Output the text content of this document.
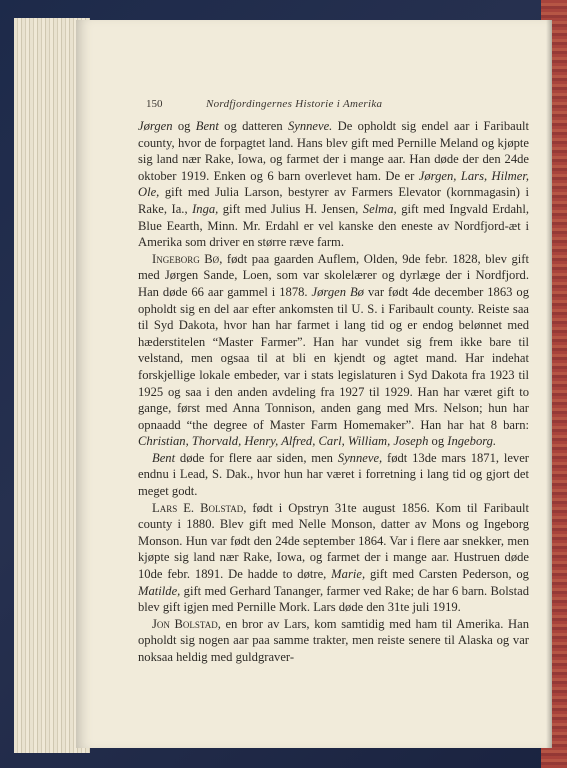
150	Nordfjordingernes Historie i Amerika

Jørgen og Bent og datteren Synneve. De opholdt sig endel aar i Faribault county, hvor de forpagtet land. Hans blev gift med Pernille Meland og kjøpte sig land nær Rake, Iowa, og farmet der i mange aar. Han døde der den 24de oktober 1919. Enken og 6 barn overlevet ham. De er Jørgen, Lars, Hilmer, Ole, gift med Julia Larson, bestyrer av Farmers Elevator (kornmagasin) i Rake, Ia., Inga, gift med Julius H. Jensen, Selma, gift med Ingvald Erdahl, Blue Eearth, Minn. Mr. Erdahl er vel kanske den eneste av Nordfjord-æt i Amerika som driver en større ræve farm.

Ingeborg Bø, født paa gaarden Auflem, Olden, 9de febr. 1828, blev gift med Jørgen Sande, Loen, som var skolelærer og dyrlæge der i Nordfjord. Han døde 66 aar gammel i 1878. Jørgen Bø var født 4de december 1863 og opholdt sig en del aar efter ankomsten til U. S. i Faribault county. Reiste saa til Syd Dakota, hvor han har farmet i lang tid og er endog belønnet med hæderstitelen “Master Farmer”. Han har vundet sig frem ikke bare til velstand, men ogsaa til at bli en kjendt og agtet mand. Har indehat forskjellige lokale embeder, var i stats legislaturen i Syd Dakota fra 1923 til 1925 og saa i den anden avdeling fra 1927 til 1929. Han har været gift to gange, først med Anna Tonnison, anden gang med Mrs. Nelson; hun har opnaadd “the degree of Master Farm Homemaker”. Han har hat 8 barn: Christian, Thorvald, Henry, Alfred, Carl, William, Joseph og Ingeborg.

Bent døde for flere aar siden, men Synneve, født 13de mars 1871, lever endnu i Lead, S. Dak., hvor hun har været i forretning i lang tid og gjort det meget godt.

Lars E. Bolstad, født i Opstryn 31te august 1856. Kom til Faribault county i 1880. Blev gift med Nelle Monson, datter av Mons og Ingeborg Monson. Hun var født den 24de september 1864. Var i flere aar snekker, men kjøpte sig land nær Rake, Iowa, og farmet der i mange aar. Hustruen døde 10de febr. 1891. De hadde to døtre, Marie, gift med Carsten Pederson, og Matilde, gift med Gerhard Tananger, farmer ved Rake; de har 6 barn. Bolstad blev gift igjen med Pernille Mork. Lars døde den 31te juli 1919.

Jon Bolstad, en bror av Lars, kom samtidig med ham til Amerika. Han opholdt sig nogen aar paa samme trakter, men reiste senere til Alaska og var noksaa heldig med guldgraver-
